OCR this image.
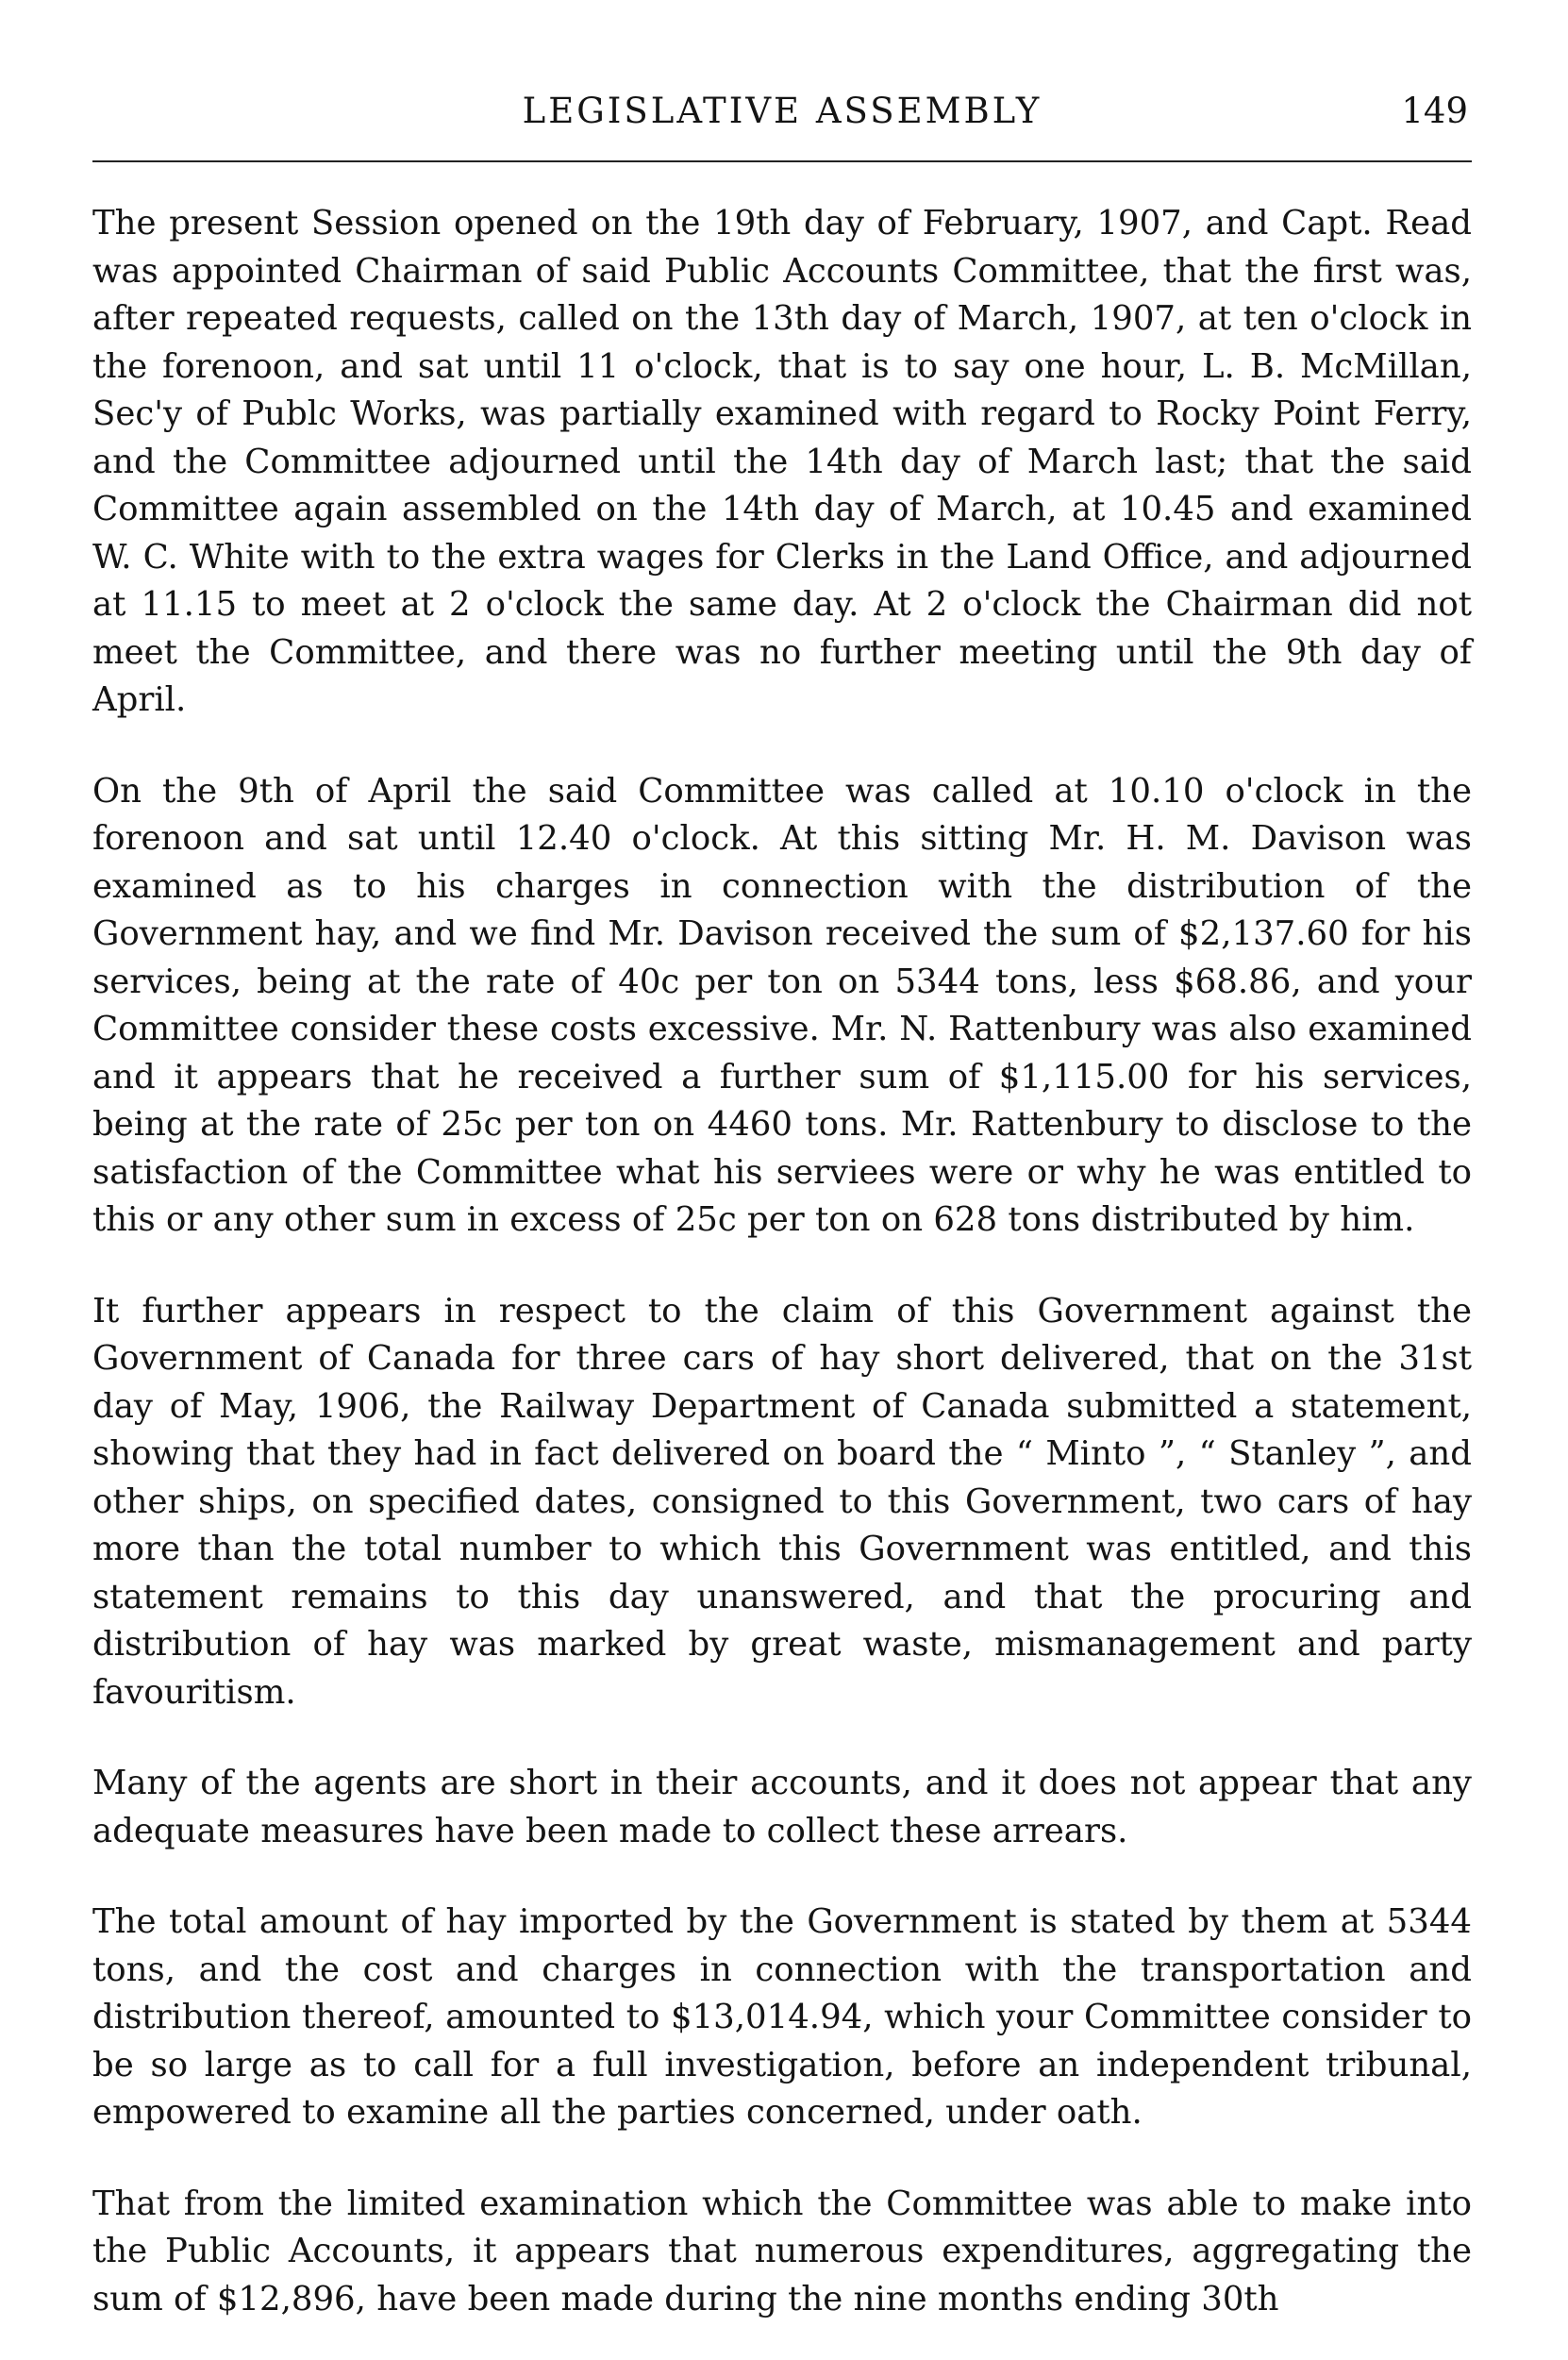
LEGISLATIVE ASSEMBLY	149

The present Session opened on the 19th day of February, 1907, and Capt. Read was appointed Chairman of said Public Accounts Committee, that the first was, after repeated requests, called on the 13th day of March, 1907, at ten o'clock in the forenoon, and sat until 11 o'clock, that is to say one hour, L. B. McMillan, Sec'y of Publc Works, was partially examined with regard to Rocky Point Ferry, and the Committee adjourned until the 14th day of March last; that the said Committee again assembled on the 14th day of March, at 10.45 and examined W. C. White with to the extra wages for Clerks in the Land Office, and adjourned at 11.15 to meet at 2 o'clock the same day. At 2 o'clock the Chairman did not meet the Committee, and there was no further meeting until the 9th day of April.

On the 9th of April the said Committee was called at 10.10 o'clock in the forenoon and sat until 12.40 o'clock. At this sitting Mr. H. M. Davison was examined as to his charges in connection with the distribution of the Government hay, and we find Mr. Davison received the sum of $2,137.60 for his services, being at the rate of 40c per ton on 5344 tons, less $68.86, and your Committee consider these costs excessive. Mr. N. Rattenbury was also examined and it appears that he received a further sum of $1,115.00 for his services, being at the rate of 25c per ton on 4460 tons. Mr. Rattenbury to disclose to the satisfaction of the Committee what his serviees were or why he was entitled to this or any other sum in excess of 25c per ton on 628 tons distributed by him.

It further appears in respect to the claim of this Government against the Government of Canada for three cars of hay short delivered, that on the 31st day of May, 1906, the Railway Department of Canada submitted a statement, showing that they had in fact delivered on board the “ Minto ”, “ Stanley ”, and other ships, on specified dates, consigned to this Government, two cars of hay more than the total number to which this Government was entitled, and this statement remains to this day unanswered, and that the procuring and distribution of hay was marked by great waste, mismanagement and party favouritism.

Many of the agents are short in their accounts, and it does not appear that any adequate measures have been made to collect these arrears.

The total amount of hay imported by the Government is stated by them at 5344 tons, and the cost and charges in connection with the transportation and distribution thereof, amounted to $13,014.94, which your Committee consider to be so large as to call for a full investigation, before an independent tribunal, empowered to examine all the parties concerned, under oath.

That from the limited examination which the Committee was able to make into the Public Accounts, it appears that numerous expenditures, aggregating the sum of $12,896, have been made during the nine months ending 30th
